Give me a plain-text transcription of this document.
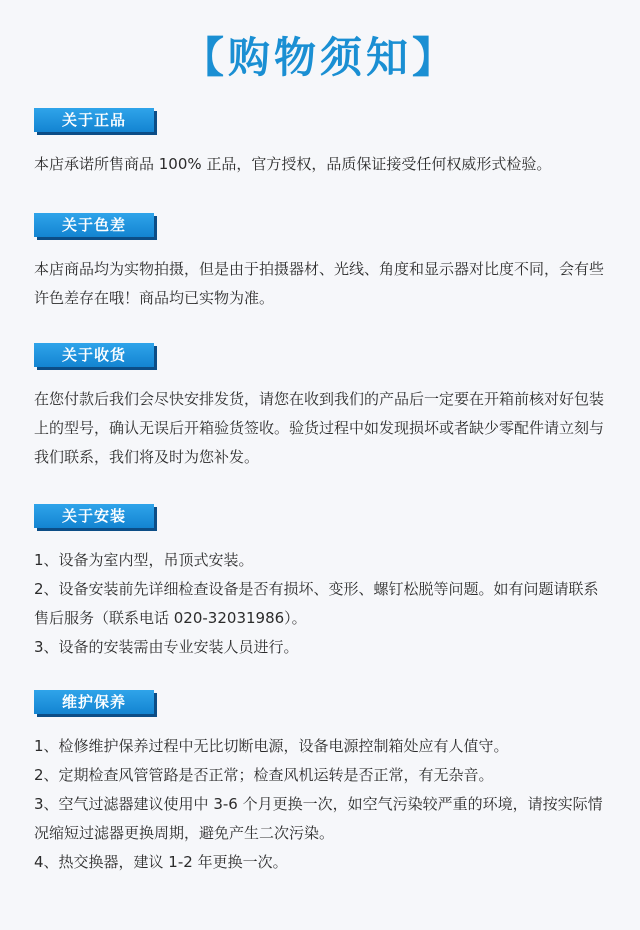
【购物须知】
关于正品

本店承诺所售商品 100% 正品，官方授权，品质保证接受任何权威形式检验。

关于色差

本店商品均为实物拍摄，但是由于拍摄器材、光线、角度和显示器对比度不同，会有些许色差存在哦！商品均已实物为准。

关于收货

在您付款后我们会尽快安排发货，请您在收到我们的产品后一定要在开箱前核对好包装上的型号，确认无误后开箱验货签收。验货过程中如发现损坏或者缺少零配件请立刻与我们联系，我们将及时为您补发。

关于安装

1、设备为室内型，吊顶式安装。

2、设备安装前先详细检查设备是否有损坏、变形、螺钉松脱等问题。如有问题请联系售后服务（联系电话 020-32031986）。

3、设备的安装需由专业安装人员进行。

维护保养

1、检修维护保养过程中无比切断电源，设备电源控制箱处应有人值守。

2、定期检查风管管路是否正常；检查风机运转是否正常，有无杂音。

3、空气过滤器建议使用中 3-6 个月更换一次，如空气污染较严重的环境，请按实际情况缩短过滤器更换周期，避免产生二次污染。

4、热交换器，建议 1-2 年更换一次。
